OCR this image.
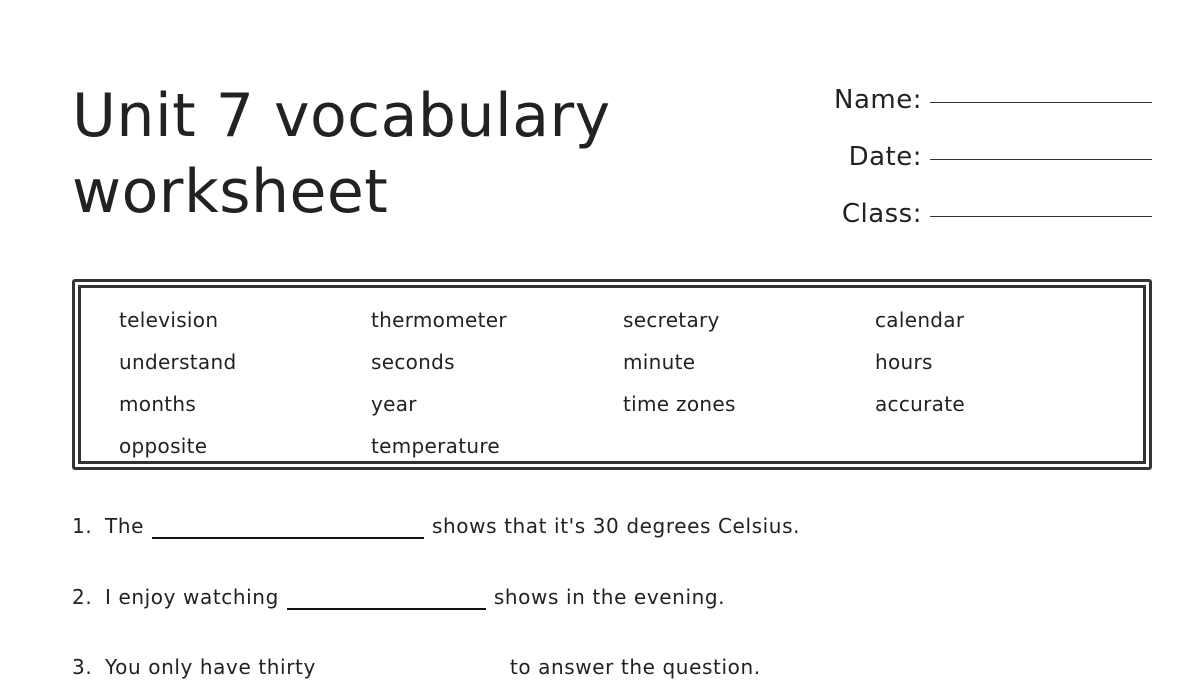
Unit 7 vocabulary
worksheet
Name:
Date:
Class:
television	thermometer	secretary	calendar
understand	seconds	minute	hours
months	year	time zones	accurate
opposite	temperature
1. The	shows that it's 30 degrees Celsius.
2. I enjoy watching	shows in the evening.
3. You only have thirty	to answer the question.
